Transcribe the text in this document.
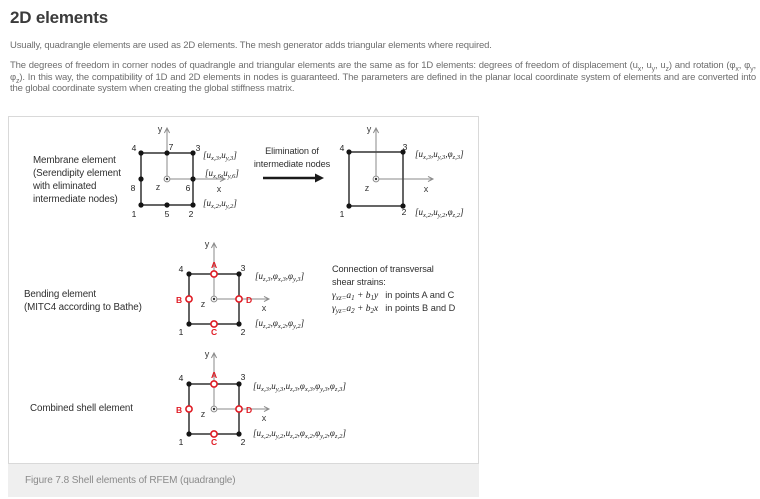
2D elements

Usually, quadrangle elements are used as 2D elements. The mesh generator adds triangular elements where required.

The degrees of freedom in corner nodes of quadrangle and triangular elements are the same as for 1D elements: degrees of freedom of displacement ($u_x$, $u_y$, $u_z$) and rotation ($\varphi_x$, $\varphi_y$, $\varphi_z$). In this way, the compatibility of 1D and 2D elements in nodes is guaranteed. The parameters are defined in the planar local coordinate system of elements and are converted into the global coordinate system when creating the global stiffness matrix.

Membrane element
(Serendipity element
with eliminated
intermediate nodes)
Elimination of
intermediate nodes
Bending element
(MITC4 according to Bathe)
Combined shell element
Connection of transversal
shear strains:
$\gamma_{xz=}a_1 + b_1y$ in points A and C
$\gamma_{yz=}a_2 + b_2x$ in points B and D
4	7	3
8	6
1	5 2
y
x
z
$[u_{x,3},u_{y,3}]$
$[u_{x,6},u_{y,6}]$
$[u_{x,2},u_{y,2}]$
4	3
1	2
y
x
z
$[u_{x,3},u_{y,3},\varphi_{z,3}]$
$[u_{x,2},u_{y,2},\varphi_{z,2}]$
4	3
1	2
A
B
C
D
y
x
z
$[u_{z,3},\varphi_{x,3},\varphi_{y,3}]$
$[u_{z,2},\varphi_{x,2},\varphi_{y,2}]$
4	3
1	2
A
B
C
D
y
x
z
$[u_{x,3},u_{y,3},u_{z,3},\varphi_{x,3},\varphi_{y,3},\varphi_{z,3}]$
$[u_{x,2},u_{y,2},u_{z,2},\varphi_{x,2},\varphi_{y,2},\varphi_{z,2}]$
Figure 7.8 Shell elements of RFEM (quadrangle)
